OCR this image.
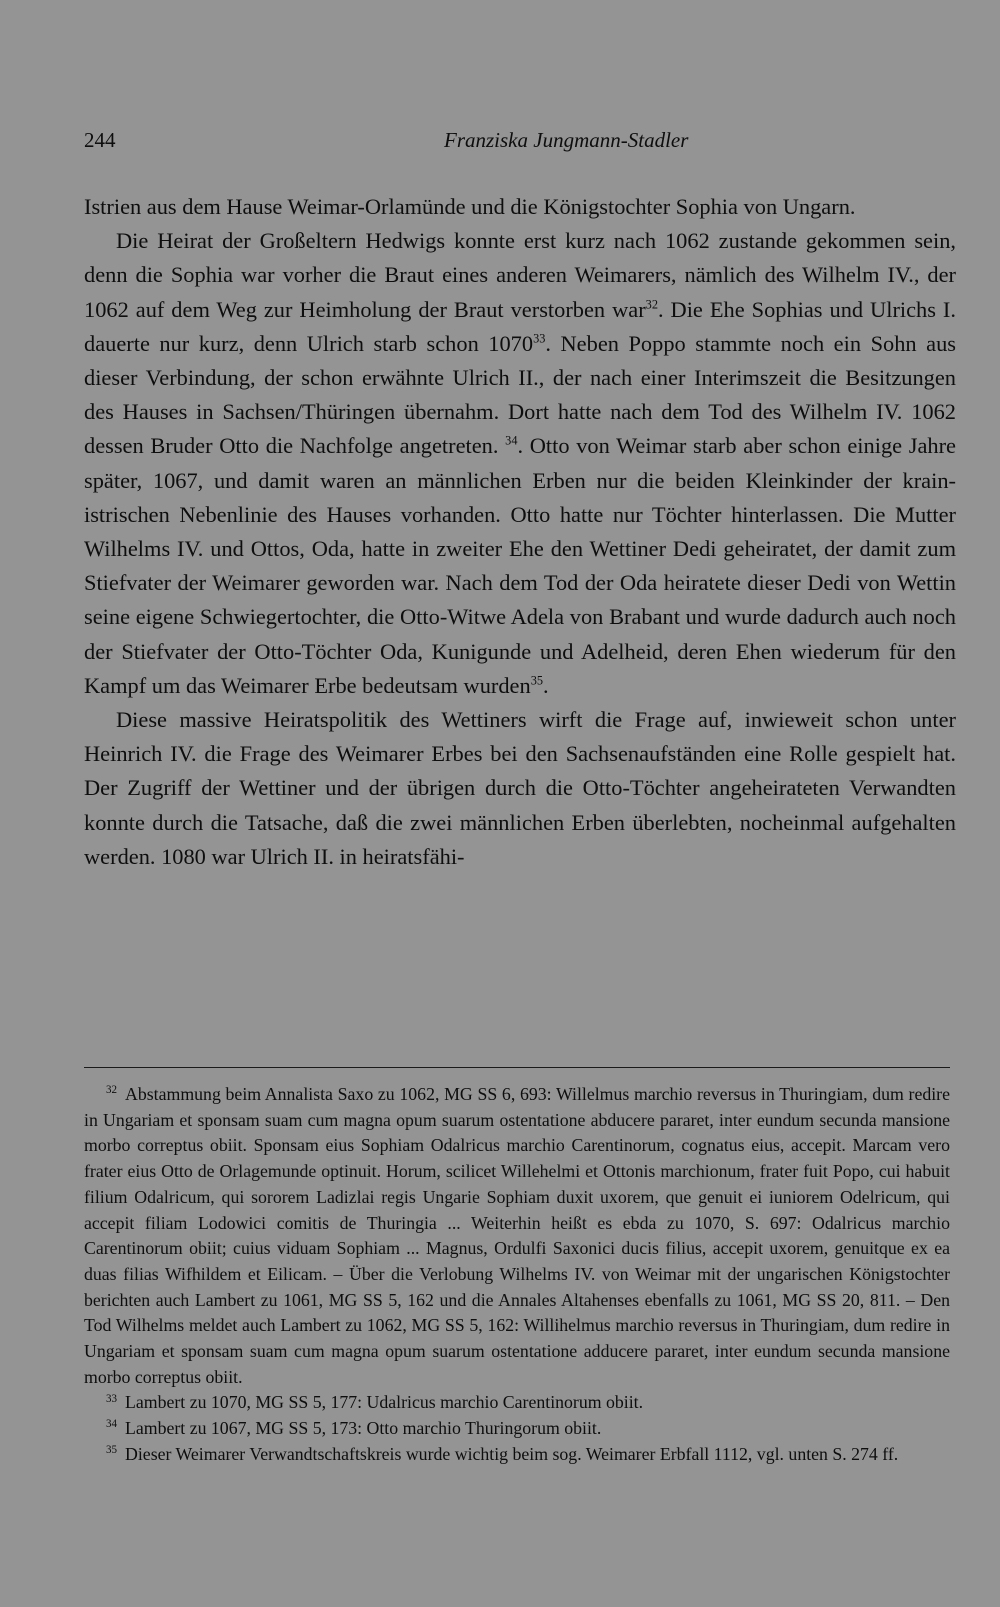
244	Franziska Jungmann-Stadler

Istrien aus dem Hause Weimar-Orlamünde und die Königstochter Sophia von Ungarn.

Die Heirat der Großeltern Hedwigs konnte erst kurz nach 1062 zustande gekommen sein, denn die Sophia war vorher die Braut eines anderen Weimarers, nämlich des Wilhelm IV., der 1062 auf dem Weg zur Heimholung der Braut verstorben war$^{32}$. Die Ehe Sophias und Ulrichs I. dauerte nur kurz, denn Ulrich starb schon 1070$^{33}$. Neben Poppo stammte noch ein Sohn aus dieser Verbindung, der schon erwähnte Ulrich II., der nach einer Interimszeit die Besitzungen des Hauses in Sachsen/Thüringen übernahm. Dort hatte nach dem Tod des Wilhelm IV. 1062 dessen Bruder Otto die Nachfolge angetreten. $^{34}$. Otto von Weimar starb aber schon einige Jahre später, 1067, und damit waren an männlichen Erben nur die beiden Kleinkinder der krain-istrischen Nebenlinie des Hauses vorhanden. Otto hatte nur Töchter hinterlassen. Die Mutter Wilhelms IV. und Ottos, Oda, hatte in zweiter Ehe den Wettiner Dedi geheiratet, der damit zum Stiefvater der Weimarer geworden war. Nach dem Tod der Oda heiratete dieser Dedi von Wettin seine eigene Schwiegertochter, die Otto-Witwe Adela von Brabant und wurde dadurch auch noch der Stiefvater der Otto-Töchter Oda, Kunigunde und Adelheid, deren Ehen wiederum für den Kampf um das Weimarer Erbe bedeutsam wurden$^{35}$.

Diese massive Heiratspolitik des Wettiners wirft die Frage auf, inwieweit schon unter Heinrich IV. die Frage des Weimarer Erbes bei den Sachsenaufständen eine Rolle gespielt hat. Der Zugriff der Wettiner und der übrigen durch die Otto-Töchter angeheirateten Verwandten konnte durch die Tatsache, daß die zwei männlichen Erben überlebten, nocheinmal aufgehalten werden. 1080 war Ulrich II. in heiratsfähi-

$^{32}$ Abstammung beim Annalista Saxo zu 1062, MG SS 6, 693: Willelmus marchio reversus in Thuringiam, dum redire in Ungariam et sponsam suam cum magna opum suarum ostentatione abducere pararet, inter eundum secunda mansione morbo correptus obiit. Sponsam eius Sophiam Odalricus marchio Carentinorum, cognatus eius, accepit. Marcam vero frater eius Otto de Orlagemunde optinuit. Horum, scilicet Willehelmi et Ottonis marchionum, frater fuit Popo, cui habuit filium Odalricum, qui sororem Ladizlai regis Ungarie Sophiam duxit uxorem, que genuit ei iuniorem Odelricum, qui accepit filiam Lodowici comitis de Thuringia ... Weiterhin heißt es ebda zu 1070, S. 697: Odalricus marchio Carentinorum obiit; cuius viduam Sophiam ... Magnus, Ordulfi Saxonici ducis filius, accepit uxorem, genuitque ex ea duas filias Wifhildem et Eilicam. – Über die Verlobung Wilhelms IV. von Weimar mit der ungarischen Königstochter berichten auch Lambert zu 1061, MG SS 5, 162 und die Annales Altahenses ebenfalls zu 1061, MG SS 20, 811. – Den Tod Wilhelms meldet auch Lambert zu 1062, MG SS 5, 162: Willihelmus marchio reversus in Thuringiam, dum redire in Ungariam et sponsam suam cum magna opum suarum ostentatione adducere pararet, inter eundum secunda mansione morbo correptus obiit.

$^{33}$ Lambert zu 1070, MG SS 5, 177: Udalricus marchio Carentinorum obiit.

$^{34}$ Lambert zu 1067, MG SS 5, 173: Otto marchio Thuringorum obiit.

$^{35}$ Dieser Weimarer Verwandtschaftskreis wurde wichtig beim sog. Weimarer Erbfall 1112, vgl. unten S. 274 ff.
